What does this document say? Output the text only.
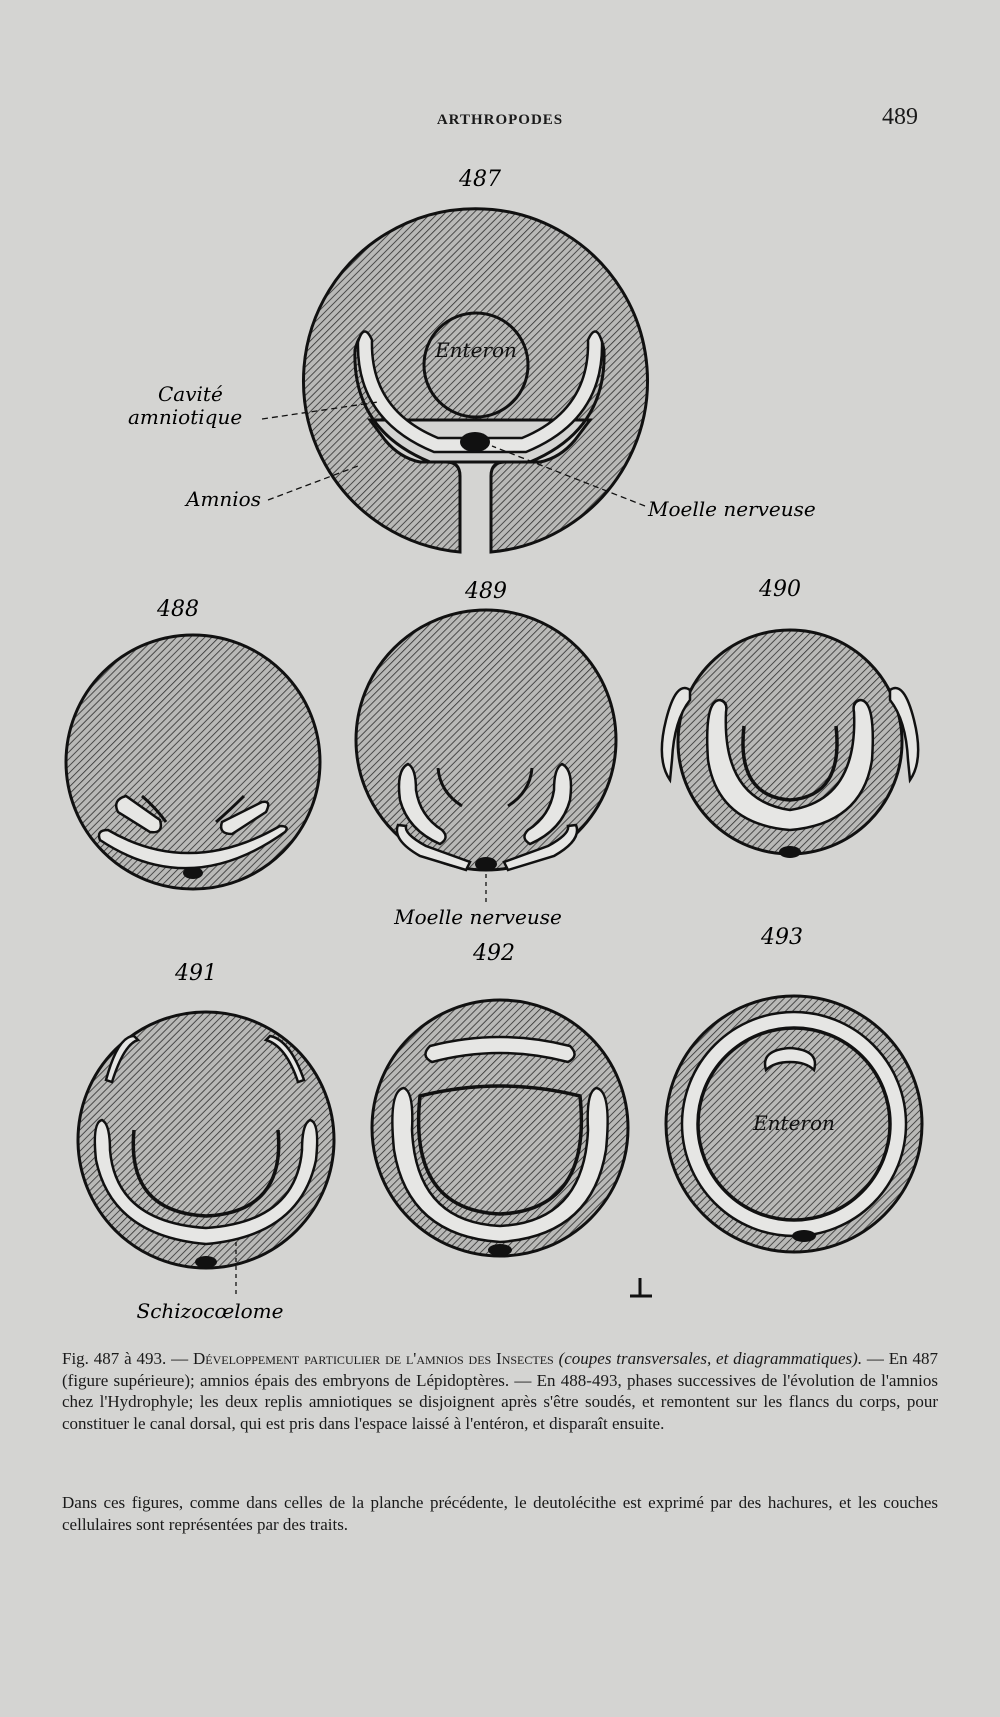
ARTHROPODES	489
487
Enteron
Cavité
amniotique
Amnios	Moelle nerveuse
488
489
Moelle nerveuse
490
491
Schizocœlome
492
493
Enteron
Fig. 487 à 493. — Développement particulier de l'amnios des Insectes (coupes transversales, et diagrammatiques). — En 487 (figure supérieure); amnios épais des embryons de Lépidoptères. — En 488-493, phases successives de l'évolution de l'amnios chez l'Hydrophyle; les deux replis amniotiques se disjoignent après s'être soudés, et remontent sur les flancs du corps, pour constituer le canal dorsal, qui est pris dans l'espace laissé à l'entéron, et disparaît ensuite.
Dans ces figures, comme dans celles de la planche précédente, le deutolécithe est exprimé par des hachures, et les couches cellulaires sont représentées par des traits.
